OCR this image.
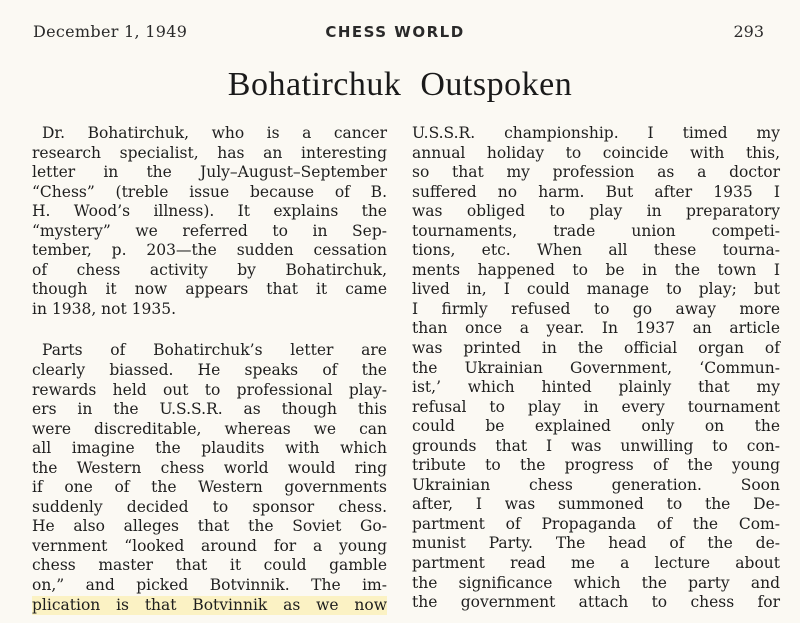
December 1, 1949	CHESS WORLD	293
Bohatirchuk Outspoken
Dr. Bohatirchuk, who is a cancer
research specialist, has an interesting
letter in the July–August–September
“Chess” (treble issue because of B.
H. Wood’s illness). It explains the
“mystery” we referred to in Sep-
tember, p. 203—the sudden cessation
of chess activity by Bohatirchuk,
though it now appears that it came
in 1938, not 1935.
Parts of Bohatirchuk’s letter are
clearly biassed. He speaks of the
rewards held out to professional play-
ers in the U.S.S.R. as though this
were discreditable, whereas we can
all imagine the plaudits with which
the Western chess world would ring
if one of the Western governments
suddenly decided to sponsor chess.
He also alleges that the Soviet Go-
vernment “looked around for a young
chess master that it could gamble
on,” and picked Botvinnik. The im-
plication is that Botvinnik as we now
U.S.S.R. championship. I timed my
annual holiday to coincide with this,
so that my profession as a doctor
suffered no harm. But after 1935 I
was obliged to play in preparatory
tournaments, trade union competi-
tions, etc. When all these tourna-
ments happened to be in the town I
lived in, I could manage to play; but
I firmly refused to go away more
than once a year. In 1937 an article
was printed in the official organ of
the Ukrainian Government, ‘Commun-
ist,’ which hinted plainly that my
refusal to play in every tournament
could be explained only on the
grounds that I was unwilling to con-
tribute to the progress of the young
Ukrainian chess generation. Soon
after, I was summoned to the De-
partment of Propaganda of the Com-
munist Party. The head of the de-
partment read me a lecture about
the significance which the party and
the government attach to chess for
